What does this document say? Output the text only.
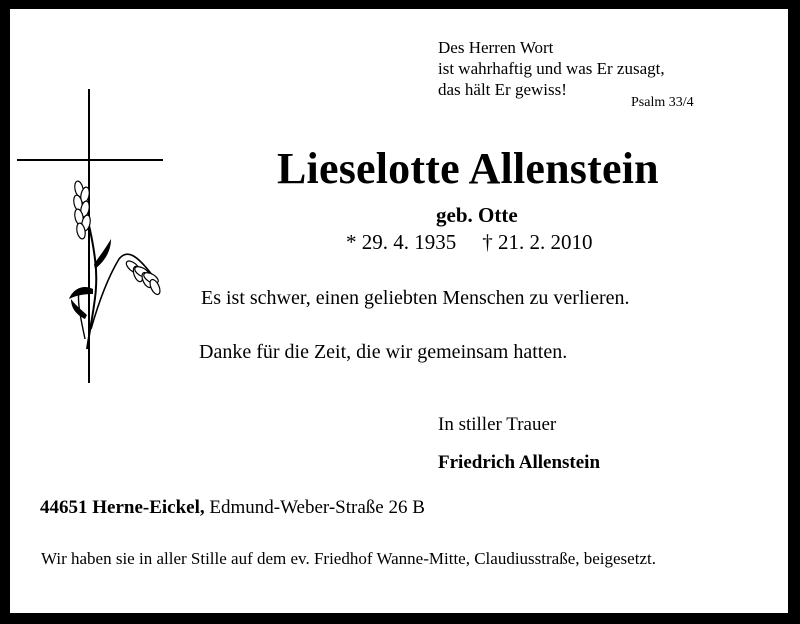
Des Herren Wort
ist wahrhaftig und was Er zusagt,
das hält Er gewiss!
Psalm 33/4
Lieselotte Allenstein
geb. Otte
* 29. 4. 1935 † 21. 2. 2010
Es ist schwer, einen geliebten Menschen zu verlieren.
Danke für die Zeit, die wir gemeinsam hatten.
In stiller Trauer
Friedrich Allenstein
44651 Herne-Eickel, Edmund-Weber-Straße 26 B
Wir haben sie in aller Stille auf dem ev. Friedhof Wanne-Mitte, Claudiusstraße, beigesetzt.
